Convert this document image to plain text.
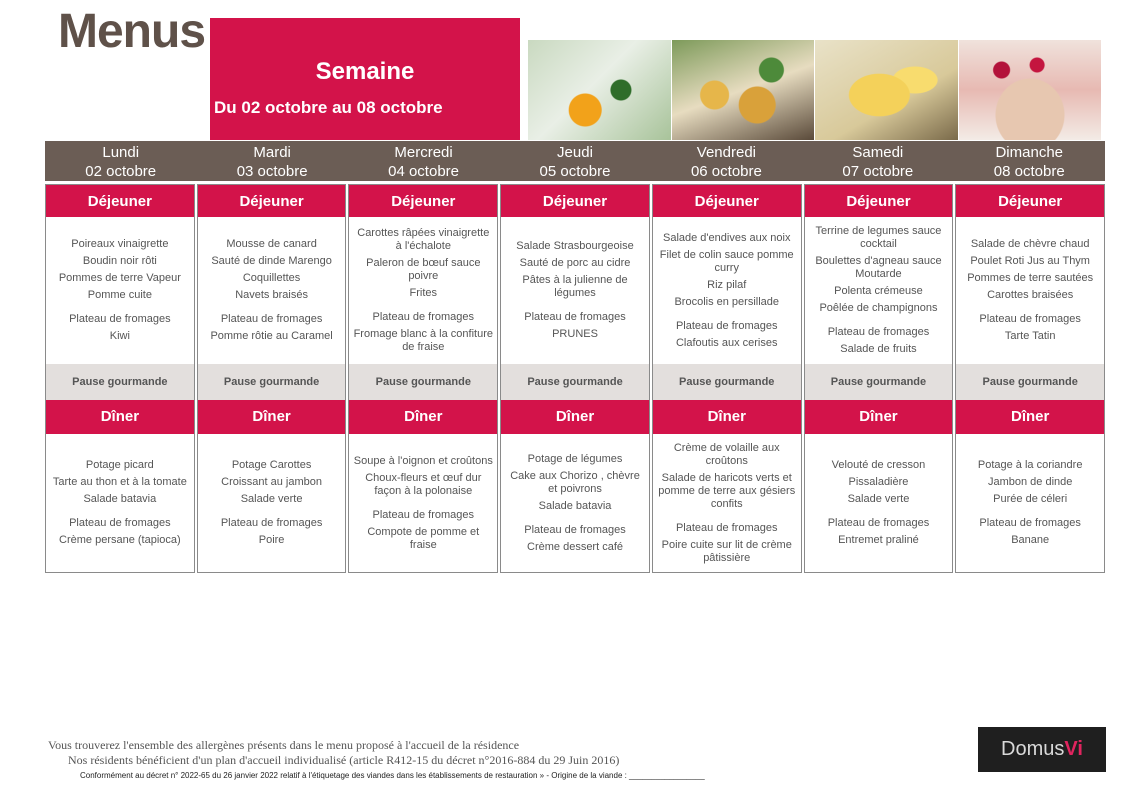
Menus
Semaine
Du 02 octobre au 08 octobre
Lundi
02 octobre
Mardi
03 octobre
Mercredi
04 octobre
Jeudi
05 octobre
Vendredi
06 octobre
Samedi
07 octobre
Dimanche
08 octobre
Déjeuner
Poireaux vinaigrette
Boudin noir rôti
Pommes de terre Vapeur
Pomme cuite
Plateau de fromages
Kiwi
Pause gourmande
Dîner
Potage picard
Tarte au thon et à la tomate
Salade batavia
Plateau de fromages
Crème persane (tapioca)
Déjeuner
Mousse de canard
Sauté de dinde Marengo
Coquillettes
Navets braisés
Plateau de fromages
Pomme rôtie au Caramel
Pause gourmande
Dîner
Potage Carottes
Croissant au jambon
Salade verte
Plateau de fromages
Poire
Déjeuner
Carottes râpées vinaigrette à l'échalote
Paleron de bœuf sauce poivre
Frites
Plateau de fromages
Fromage blanc à la confiture de fraise
Pause gourmande
Dîner
Soupe à l'oignon et croûtons
Choux-fleurs et œuf dur façon à la polonaise
Plateau de fromages
Compote de pomme et fraise
Déjeuner
Salade Strasbourgeoise
Sauté de porc au cidre
Pâtes à la julienne de légumes
Plateau de fromages
PRUNES
Pause gourmande
Dîner
Potage de légumes
Cake aux Chorizo , chèvre et poivrons
Salade batavia
Plateau de fromages
Crème dessert café
Déjeuner
Salade d'endives aux noix
Filet de colin sauce pomme curry
Riz pilaf
Brocolis en persillade
Plateau de fromages
Clafoutis aux cerises
Pause gourmande
Dîner
Crème de volaille aux croûtons
Salade de haricots verts et pomme de terre aux gésiers confits
Plateau de fromages
Poire cuite sur lit de crème pâtissière
Déjeuner
Terrine de legumes sauce cocktail
Boulettes d'agneau sauce Moutarde
Polenta crémeuse
Poêlée de champignons
Plateau de fromages
Salade de fruits
Pause gourmande
Dîner
Velouté de cresson
Pissaladière
Salade verte
Plateau de fromages
Entremet praliné
Déjeuner
Salade de chèvre chaud
Poulet Roti Jus au Thym
Pommes de terre sautées
Carottes braisées
Plateau de fromages
Tarte Tatin
Pause gourmande
Dîner
Potage à la coriandre
Jambon de dinde
Purée de céleri
Plateau de fromages
Banane
Vous trouverez l'ensemble des allergènes présents dans le menu proposé à l'accueil de la résidence
Nos résidents bénéficient d'un plan d'accueil individualisé (article R412-15 du décret n°2016-884 du 29 Juin 2016)
Conformément au décret n° 2022-65 du 26 janvier 2022 relatif à l'étiquetage des viandes dans les établissements de restauration » - Origine de la viande : _________________
Domus Vi
